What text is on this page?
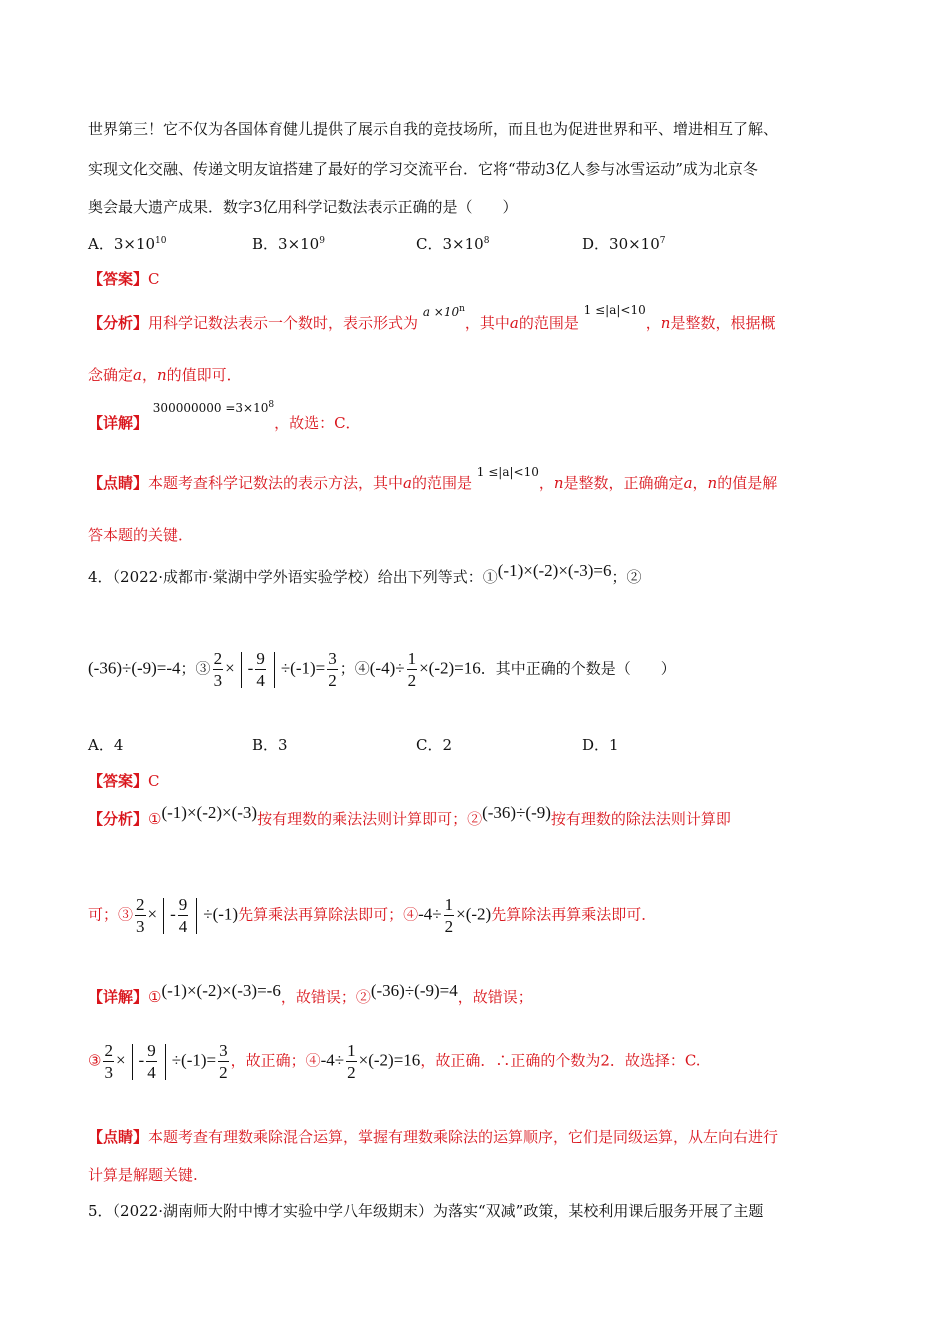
世界第三！它不仅为各国体育健儿提供了展示自我的竞技场所，而且也为促进世界和平、增进相互了解、
实现文化交融、传递文明友谊搭建了最好的学习交流平台．它将“带动3亿人参与冰雪运动”成为北京冬
奥会最大遗产成果．数字3亿用科学记数法表示正确的是（　　）
A．$3\times 10^{10}$	B．$3\times 10^9$	C．$3\times 10^8$	D．$30\times 10^7$
【答案】C
【分析】用科学记数法表示一个数时，表示形式为 $^{a \times 10^n}$，其中a的范围是 $^{1 \le|a|<10}$，n是整数，根据概
念确定a，n的值即可．
【详解】 $^{300000000 =3\times 10^8}$，故选：C．
【点睛】本题考查科学记数法的表示方法，其中a的范围是 $^{1 \le|a|<10}$，n是整数，正确确定a，n的值是解
答本题的关键．
4．（2022·成都市·棠湖中学外语实验学校）给出下列等式：①(-1)×(-2)×(-3)=6；②
(-36)÷(-9)=-4；③ $\frac{2}{3}$ × - $\frac{9}{4} \div(-1)= \frac{3}{2}$ ；④(-4)÷ $\frac{1}{2} \times(-2)=16$．其中正确的个数是（　　）
A．4	B．3	C．2	D．1
【答案】C
【分析】①(-1)×(-2)×(-3)按有理数的乘法法则计算即可；②(-36)÷(-9)按有理数的除法法则计算即
可；③ $\frac{2}{3}$ × - $\frac{9}{4} \div(-1)$先算乘法再算除法即可；④-4÷ $\frac{1}{2} \times(-2)$先算除法再算乘法即可．
【详解】①(-1)×(-2)×(-3)=-6，故错误；②(-36)÷(-9)=4，故错误；
③ $\frac{2}{3}$ × - $\frac{9}{4} \div(-1)= \frac{3}{2}$ ，故正确；④-4÷ $\frac{1}{2} \times(-2)=16$，故正确．∴正确的个数为2．故选择：C.
【点睛】本题考查有理数乘除混合运算，掌握有理数乘除法的运算顺序，它们是同级运算，从左向右进行
计算是解题关键.
5．（2022·湖南师大附中博才实验中学八年级期末）为落实“双减”政策，某校利用课后服务开展了主题
